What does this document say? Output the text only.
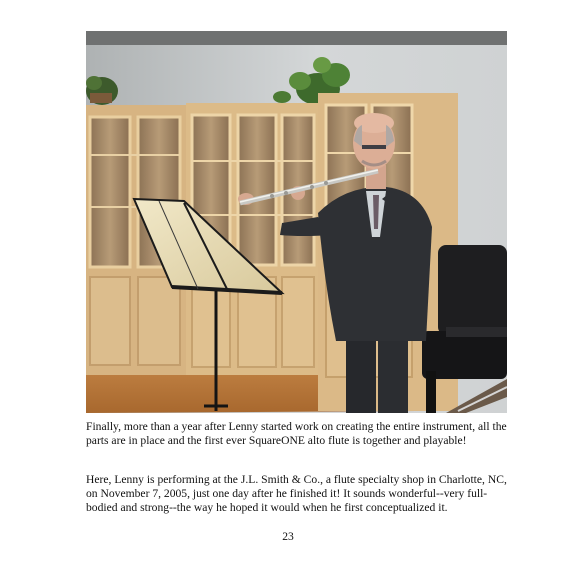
Finally, more than a year after Lenny started work on creating the entire instrument, all the parts are in place and the first ever SquareONE alto flute is together and playable!

Here, Lenny is performing at the J.L. Smith & Co., a flute specialty shop in Charlotte, NC, on November 7, 2005, just one day after he finished it! It sounds wonderful--very full-bodied and strong--the way he hoped it would when he first conceptualized it.

23
